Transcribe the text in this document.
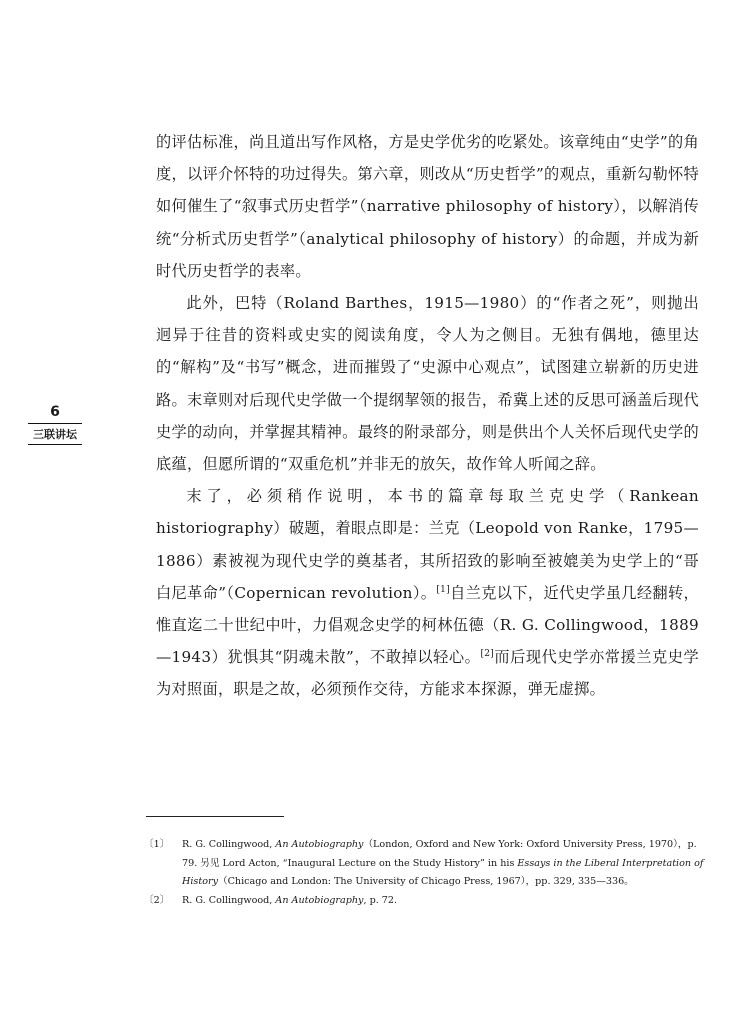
6
三联讲坛

的评估标准，尚且道出写作风格，方是史学优劣的吃紧处。该章纯由“史学”的角度，以评介怀特的功过得失。第六章，则改从“历史哲学”的观点，重新勾勒怀特如何催生了“叙事式历史哲学”（narrative philosophy of history），以解消传统“分析式历史哲学”（analytical philosophy of history）的命题，并成为新时代历史哲学的表率。

此外，巴特（Roland Barthes，1915—1980）的“作者之死”，则抛出迥异于往昔的资料或史实的阅读角度，令人为之侧目。无独有偶地，德里达的“解构”及“书写”概念，进而摧毁了“史源中心观点”，试图建立崭新的历史进路。末章则对后现代史学做一个提纲挈领的报告，希冀上述的反思可涵盖后现代史学的动向，并掌握其精神。最终的附录部分，则是供出个人关怀后现代史学的底蕴，但愿所谓的“双重危机”并非无的放矢，故作耸人听闻之辞。

末了，必须稍作说明，本书的篇章每取兰克史学（Rankean historiography）破题，着眼点即是：兰克（Leopold von Ranke，1795—1886）素被视为现代史学的奠基者，其所招致的影响至被媲美为史学上的“哥白尼革命”（Copernican revolution）。[1]自兰克以下，近代史学虽几经翻转，惟直迄二十世纪中叶，力倡观念史学的柯林伍德（R. G. Collingwood，1889—1943）犹惧其“阴魂未散”，不敢掉以轻心。[2]而后现代史学亦常援兰克史学为对照面，职是之故，必须预作交待，方能求本探源，弹无虚掷。

〔1〕	R. G. Collingwood, An Autobiography（London, Oxford and New York: Oxford University Press, 1970），p. 79. 另见 Lord Acton, “Inaugural Lecture on the Study History” in his Essays in the Liberal Interpretation of History（Chicago and London: The University of Chicago Press, 1967），pp. 329, 335—336。
〔2〕	R. G. Collingwood, An Autobiography, p. 72.
